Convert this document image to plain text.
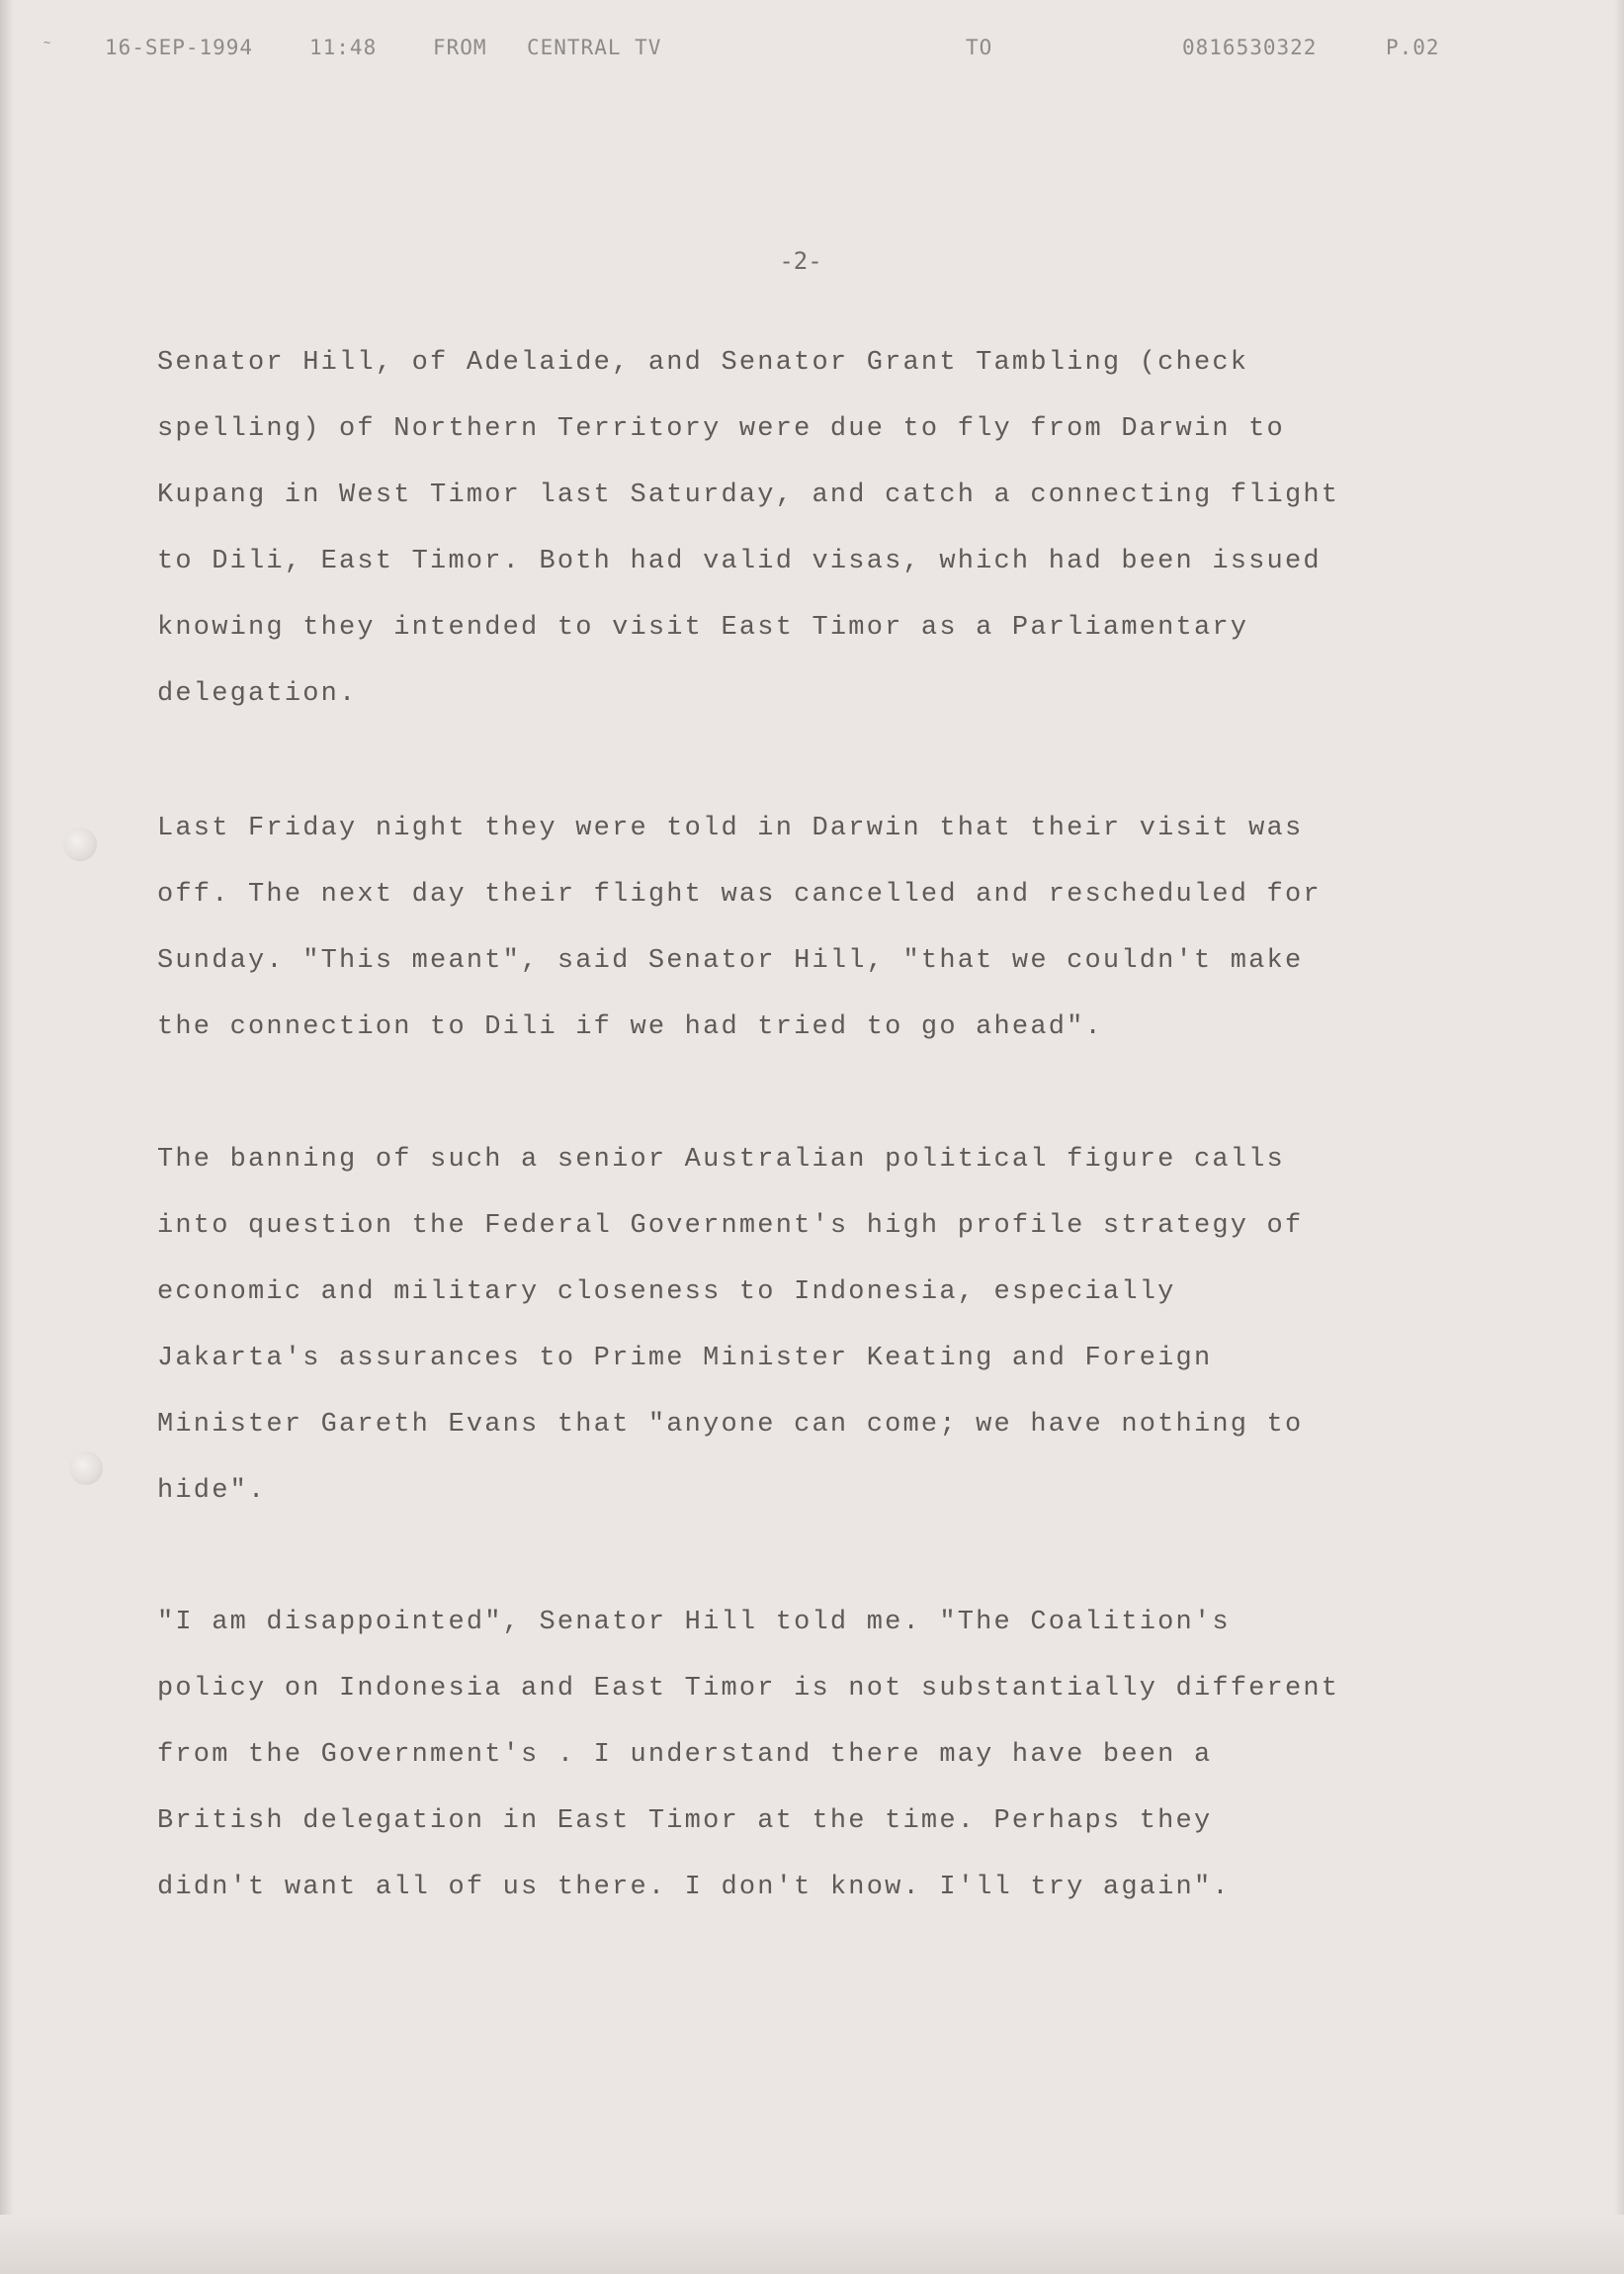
~	16-SEP-1994	11:48	FROM CENTRAL TV	TO	0816530322	P.02
-2-
Senator Hill, of Adelaide, and Senator Grant Tambling (check
spelling) of Northern Territory were due to fly from Darwin to
Kupang in West Timor last Saturday, and catch a connecting flight
to Dili, East Timor. Both had valid visas, which had been issued
knowing they intended to visit East Timor as a Parliamentary
delegation.
Last Friday night they were told in Darwin that their visit was
off. The next day their flight was cancelled and rescheduled for
Sunday. "This meant", said Senator Hill, "that we couldn't make
the connection to Dili if we had tried to go ahead".
The banning of such a senior Australian political figure calls
into question the Federal Government's high profile strategy of
economic and military closeness to Indonesia, especially
Jakarta's assurances to Prime Minister Keating and Foreign
Minister Gareth Evans that "anyone can come; we have nothing to
hide".
"I am disappointed", Senator Hill told me. "The Coalition's
policy on Indonesia and East Timor is not substantially different
from the Government's . I understand there may have been a
British delegation in East Timor at the time. Perhaps they
didn't want all of us there. I don't know. I'll try again".
